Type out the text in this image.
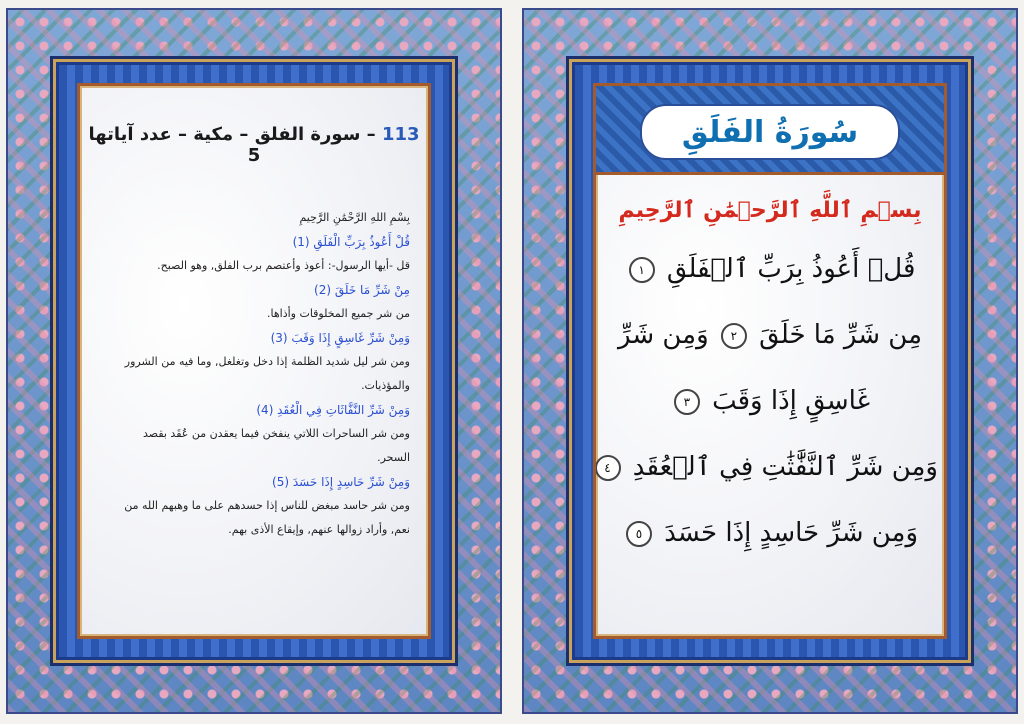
113 – سورة الفلق – مكية – عدد آياتها 5
بِسْمِ اللهِ الرَّحْمَٰنِ الرَّحِيمِ
قُلْ أَعُوذُ بِرَبِّ الْفَلَقِ (1)
قل -أيها الرسول-: أعوذ وأعتصم برب الفلق, وهو الصبح.
مِنْ شَرِّ مَا خَلَقَ (2)
من شر جميع المخلوقات وأذاها.
وَمِنْ شَرِّ غَاسِقٍ إِذَا وَقَبَ (3)
ومن شر ليل شديد الظلمة إذا دخل وتغلغل, وما فيه من الشرور
والمؤذيات.
وَمِنْ شَرِّ النَّفَّاثَاتِ فِي الْعُقَدِ (4)
ومن شر الساحرات اللاتي ينفخن فيما يعقدن من عُقَد بقصد
السحر.
وَمِنْ شَرِّ حَاسِدٍ إِذَا حَسَدَ (5)
ومن شر حاسد مبغض للناس إذا حسدهم على ما وهبهم الله من
نعم, وأراد زوالها عنهم, وإيقاع الأذى بهم.
سُورَةُ الفَلَقِ
بِسۡمِ ٱللَّهِ ٱلرَّحۡمَٰنِ ٱلرَّحِيمِ
قُلۡ أَعُوذُ بِرَبِّ ٱلۡفَلَقِ ١
مِن شَرِّ مَا خَلَقَ ٢ وَمِن شَرِّ
غَاسِقٍ إِذَا وَقَبَ ٣
وَمِن شَرِّ ٱلنَّفَّٰثَٰتِ فِي ٱلۡعُقَدِ ٤
وَمِن شَرِّ حَاسِدٍ إِذَا حَسَدَ ٥
